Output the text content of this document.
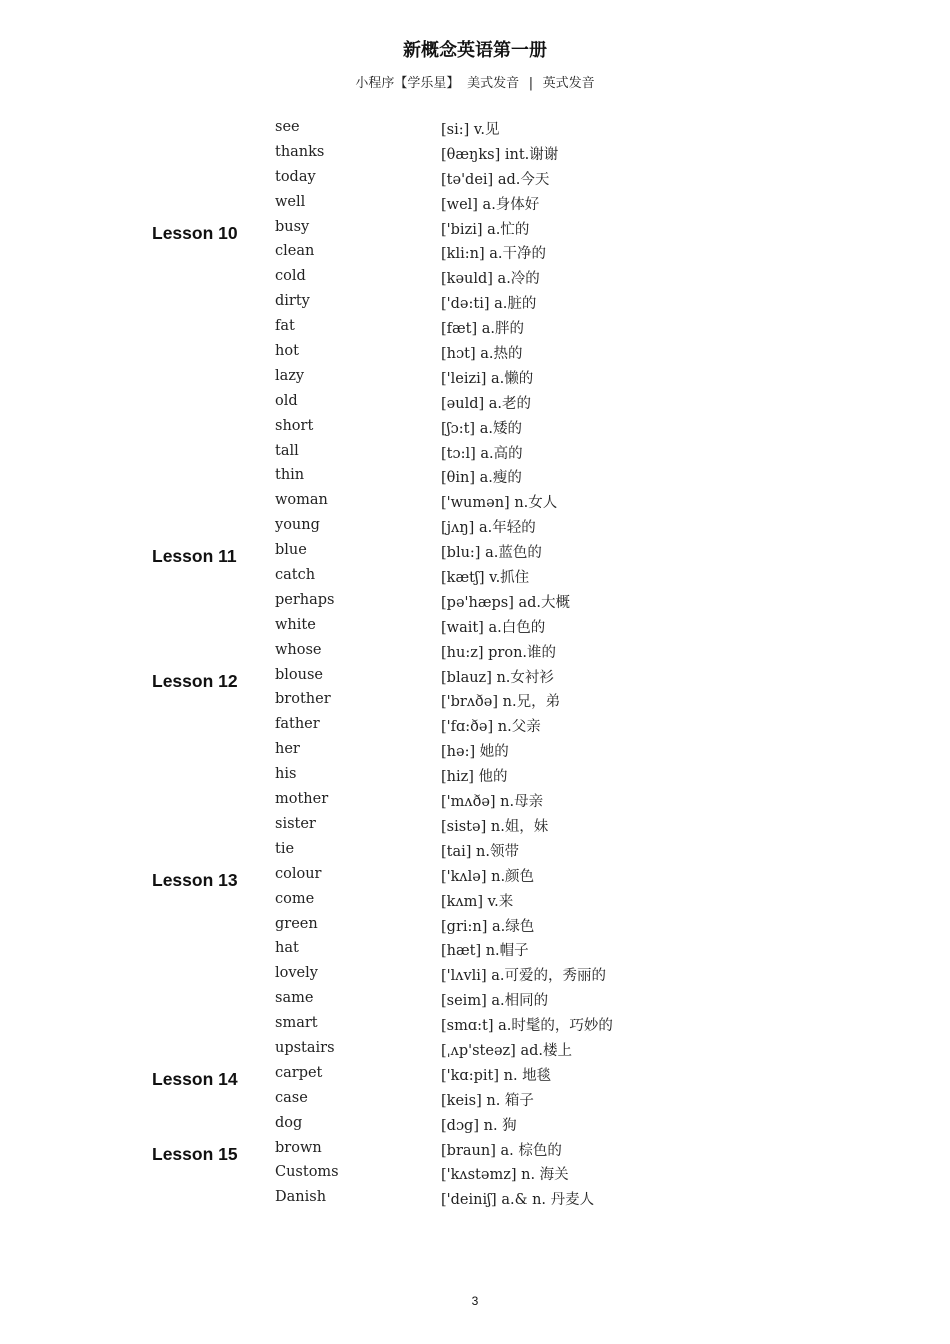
新概念英语第一册
小程序【学乐星】 美式发音 | 英式发音
see	[si:] v.见
thanks	[θæŋks] int.谢谢
today	[tə'dei] ad.今天
well	[wel] a.身体好
Lesson 10	busy	['bizi] a.忙的
clean	[kli:n] a.干净的
cold	[kəuld] a.冷的
dirty	['də:ti] a.脏的
fat	[fæt] a.胖的
hot	[hɔt] a.热的
lazy	['leizi] a.懒的
old	[əuld] a.老的
short	[ʃɔ:t] a.矮的
tall	[tɔ:l] a.高的
thin	[θin] a.瘦的
woman	['wumən] n.女人
young	[jʌŋ] a.年轻的
Lesson 11	blue	[blu:] a.蓝色的
catch	[kætʃ] v.抓住
perhaps	[pə'hæps] ad.大概
white	[wait] a.白色的
whose	[hu:z] pron.谁的
Lesson 12	blouse	[blauz] n.女衬衫
brother	['brʌðə] n.兄，弟
father	['fɑ:ðə] n.父亲
her	[hə:] 她的
his	[hiz] 他的
mother	['mʌðə] n.母亲
sister	[sistə] n.姐，妹
tie	[tai] n.领带
Lesson 13	colour	['kʌlə] n.颜色
come	[kʌm] v.来
green	[gri:n] a.绿色
hat	[hæt] n.帽子
lovely	['lʌvli] a.可爱的，秀丽的
same	[seim] a.相同的
smart	[smɑ:t] a.时髦的，巧妙的
upstairs	[ˌʌp'steəz] ad.楼上
Lesson 14	carpet	['kɑ:pit] n. 地毯
case	[keis] n. 箱子
dog	[dɔg] n. 狗
Lesson 15	brown	[braun] a. 棕色的
Customs	['kʌstəmz] n. 海关
Danish	['deiniʃ] a.& n. 丹麦人
3
